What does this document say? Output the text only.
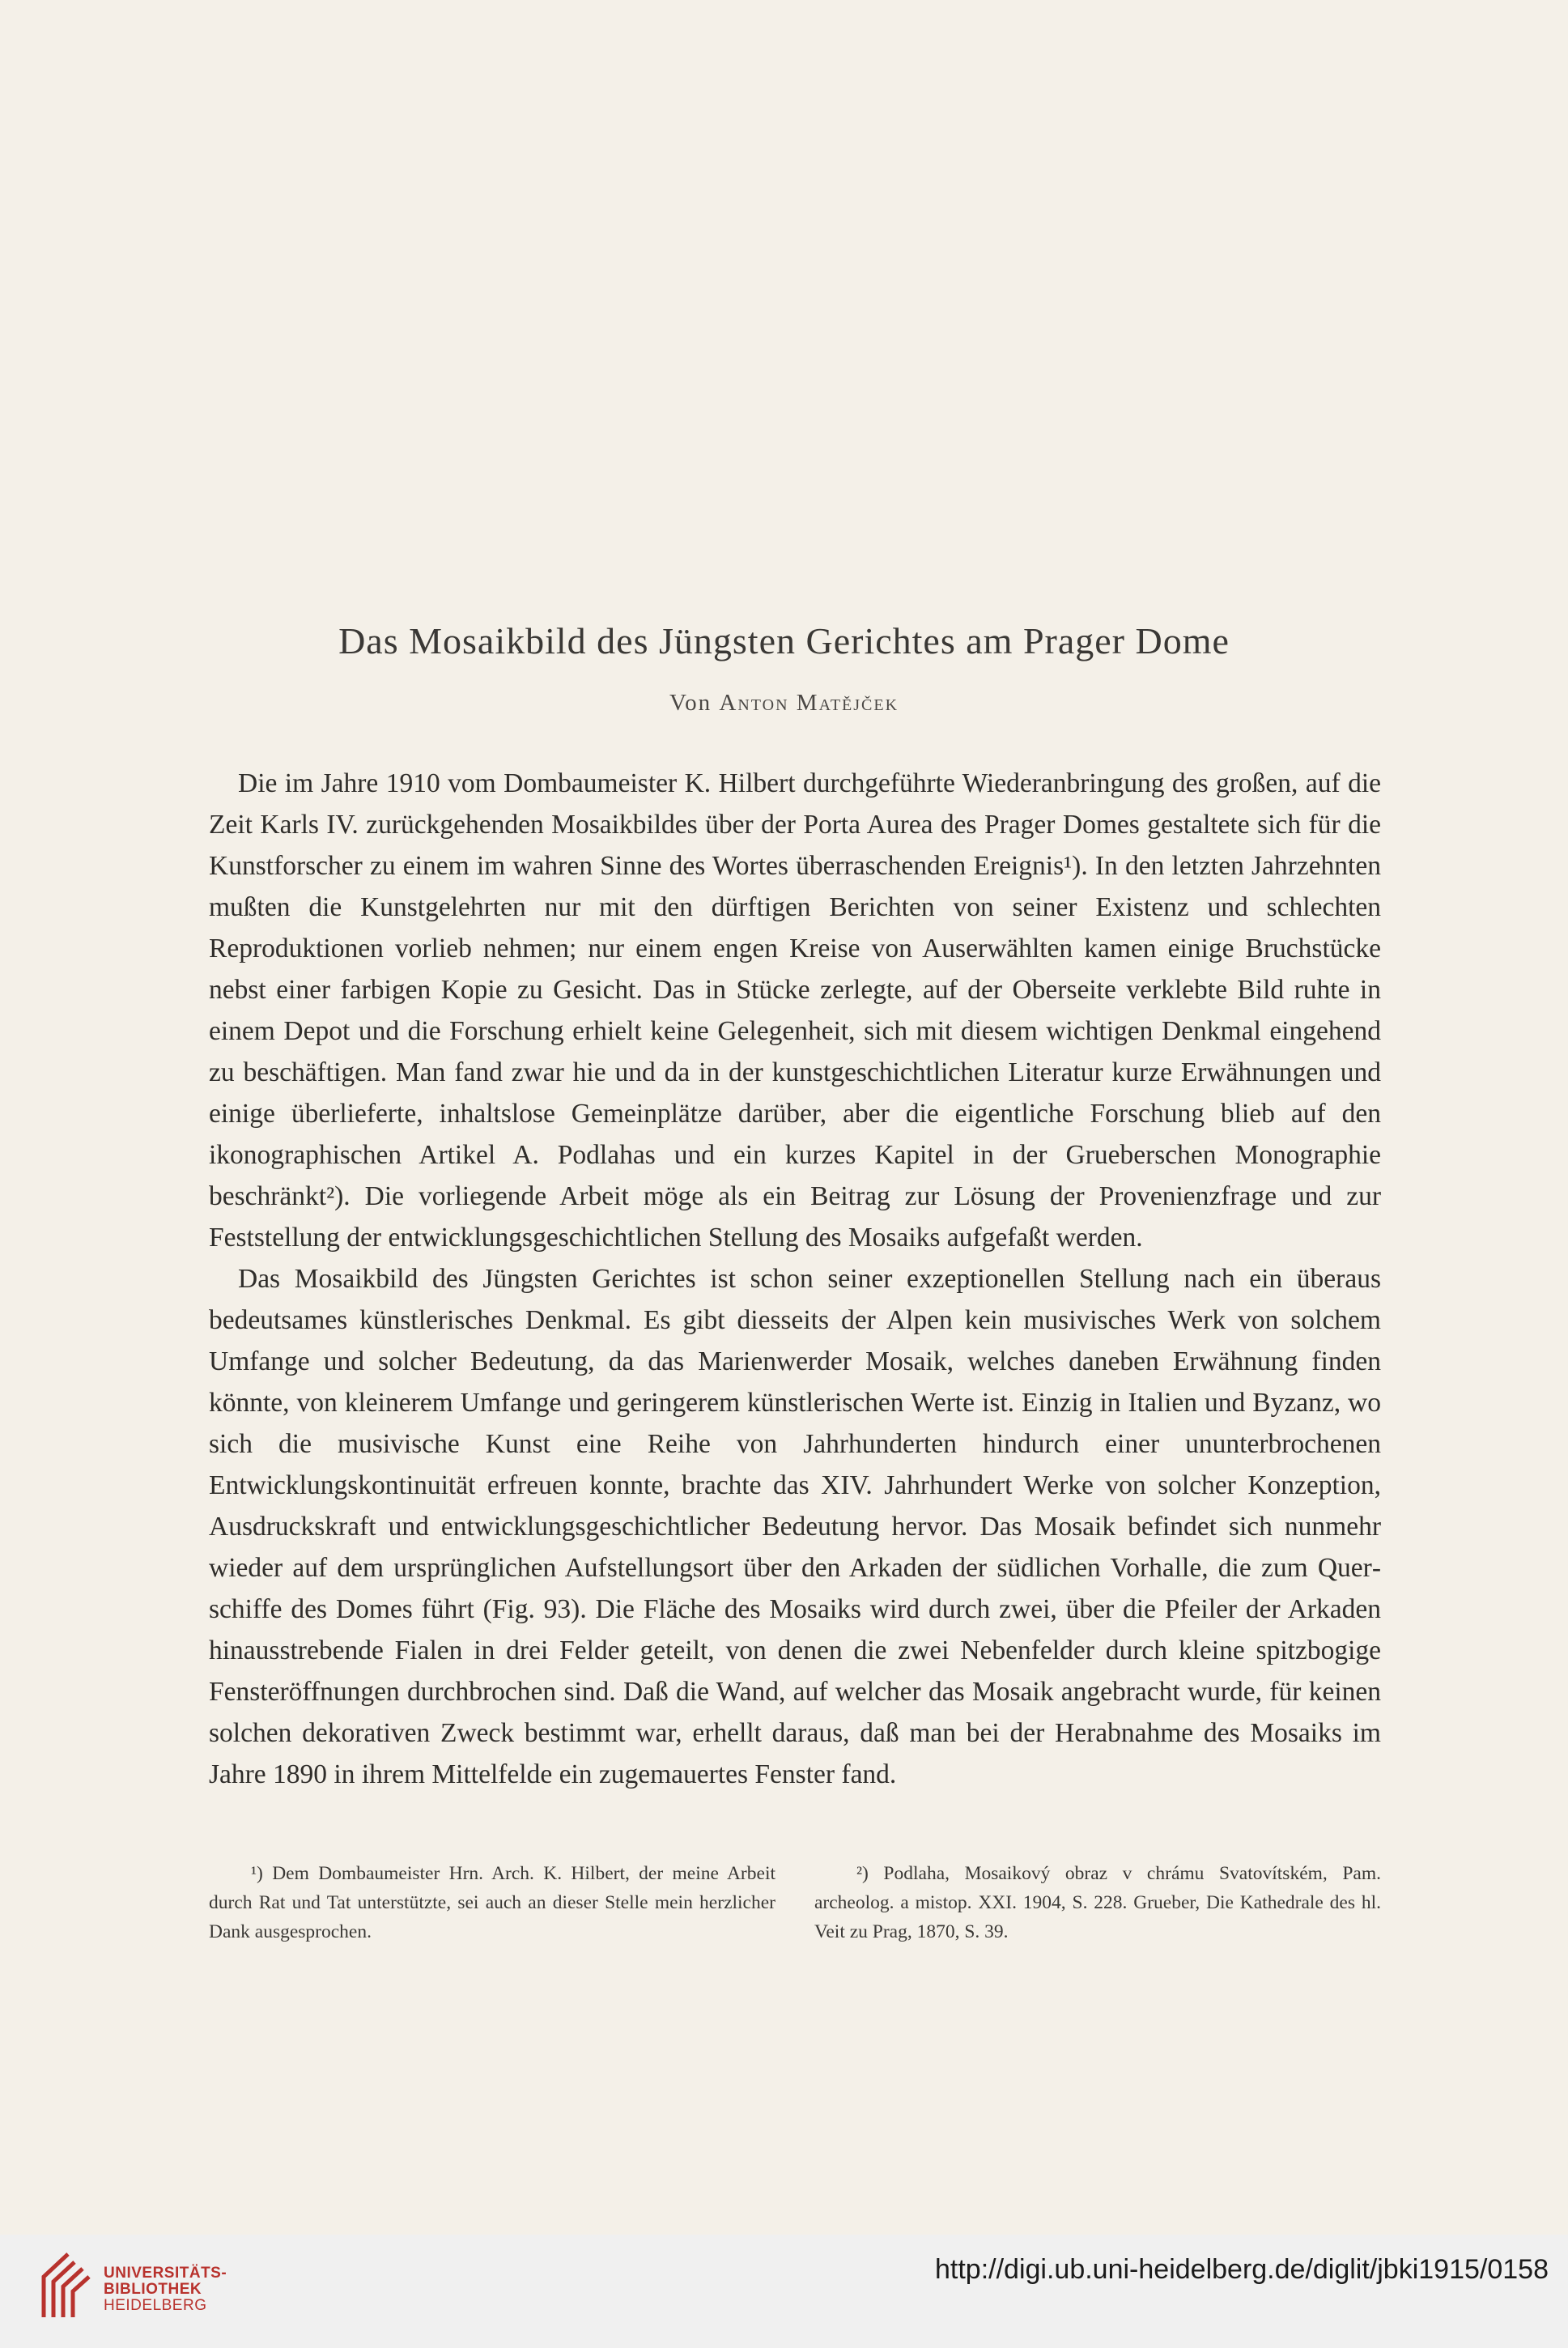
Das Mosaikbild des Jüngsten Gerichtes am Prager Dome
Von Anton Matějček

Die im Jahre 1910 vom Dombaumeister K. Hilbert durchgeführte Wiederanbringung des großen, auf die Zeit Karls IV. zurückgehenden Mosaikbildes über der Porta Aurea des Prager Domes gestaltete sich für die Kunstforscher zu einem im wahren Sinne des Wortes überraschenden Ereignis¹). In den letzten Jahrzehnten mußten die Kunstgelehrten nur mit den dürftigen Berichten von seiner Existenz und schlechten Reproduktionen vorlieb nehmen; nur einem engen Kreise von Auserwählten kamen einige Bruchstücke nebst einer farbigen Kopie zu Gesicht. Das in Stücke zerlegte, auf der Oberseite verklebte Bild ruhte in einem Depot und die Forschung erhielt keine Gelegenheit, sich mit diesem wichtigen Denkmal eingehend zu beschäftigen. Man fand zwar hie und da in der kunstgeschichtlichen Literatur kurze Erwähnungen und einige überlieferte, inhaltslose Gemeinplätze darüber, aber die eigentliche Forschung blieb auf den ikonographischen Artikel A. Podlahas und ein kurzes Kapitel in der Grueberschen Monographie beschränkt²). Die vorliegende Arbeit möge als ein Beitrag zur Lösung der Provenienzfrage und zur Feststellung der entwicklungsgeschichtlichen Stellung des Mosaiks aufgefaßt werden.

Das Mosaikbild des Jüngsten Gerichtes ist schon seiner exzeptionellen Stellung nach ein überaus bedeutsames künstlerisches Denkmal. Es gibt diesseits der Alpen kein musivisches Werk von solchem Umfange und solcher Bedeutung, da das Marienwerder Mosaik, welches daneben Erwähnung finden könnte, von kleinerem Umfange und geringerem künstlerischen Werte ist. Einzig in Italien und Byzanz, wo sich die musivische Kunst eine Reihe von Jahrhunderten hindurch einer ununterbrochenen Entwicklungskontinuität erfreuen konnte, brachte das XIV. Jahrhundert Werke von solcher Konzeption, Ausdruckskraft und entwicklungsgeschichtlicher Bedeutung hervor. Das Mosaik befindet sich nunmehr wieder auf dem ursprünglichen Aufstellungsort über den Arkaden der südlichen Vorhalle, die zum Querschiffe des Domes führt (Fig. 93). Die Fläche des Mosaiks wird durch zwei, über die Pfeiler der Arkaden hinausstrebende Fialen in drei Felder geteilt, von denen die zwei Nebenfelder durch kleine spitzbogige Fensteröffnungen durchbrochen sind. Daß die Wand, auf welcher das Mosaik angebracht wurde, für keinen solchen dekorativen Zweck bestimmt war, erhellt daraus, daß man bei der Herabnahme des Mosaiks im Jahre 1890 in ihrem Mittelfelde ein zugemauertes Fenster fand.

¹) Dem Dombaumeister Hrn. Arch. K. Hilbert, der meine Arbeit durch Rat und Tat unterstützte, sei auch an dieser Stelle mein herzlicher Dank ausgesprochen.

²) Podlaha, Mosaikový obraz v chrámu Svatovítském, Pam. archeolog. a mistop. XXI. 1904, S. 228. Grueber, Die Kathedrale des hl. Veit zu Prag, 1870, S. 39.

UNIVERSITÄTS-
BIBLIOTHEK
HEIDELBERG
http://digi.ub.uni-heidelberg.de/diglit/jbki1915/0158
